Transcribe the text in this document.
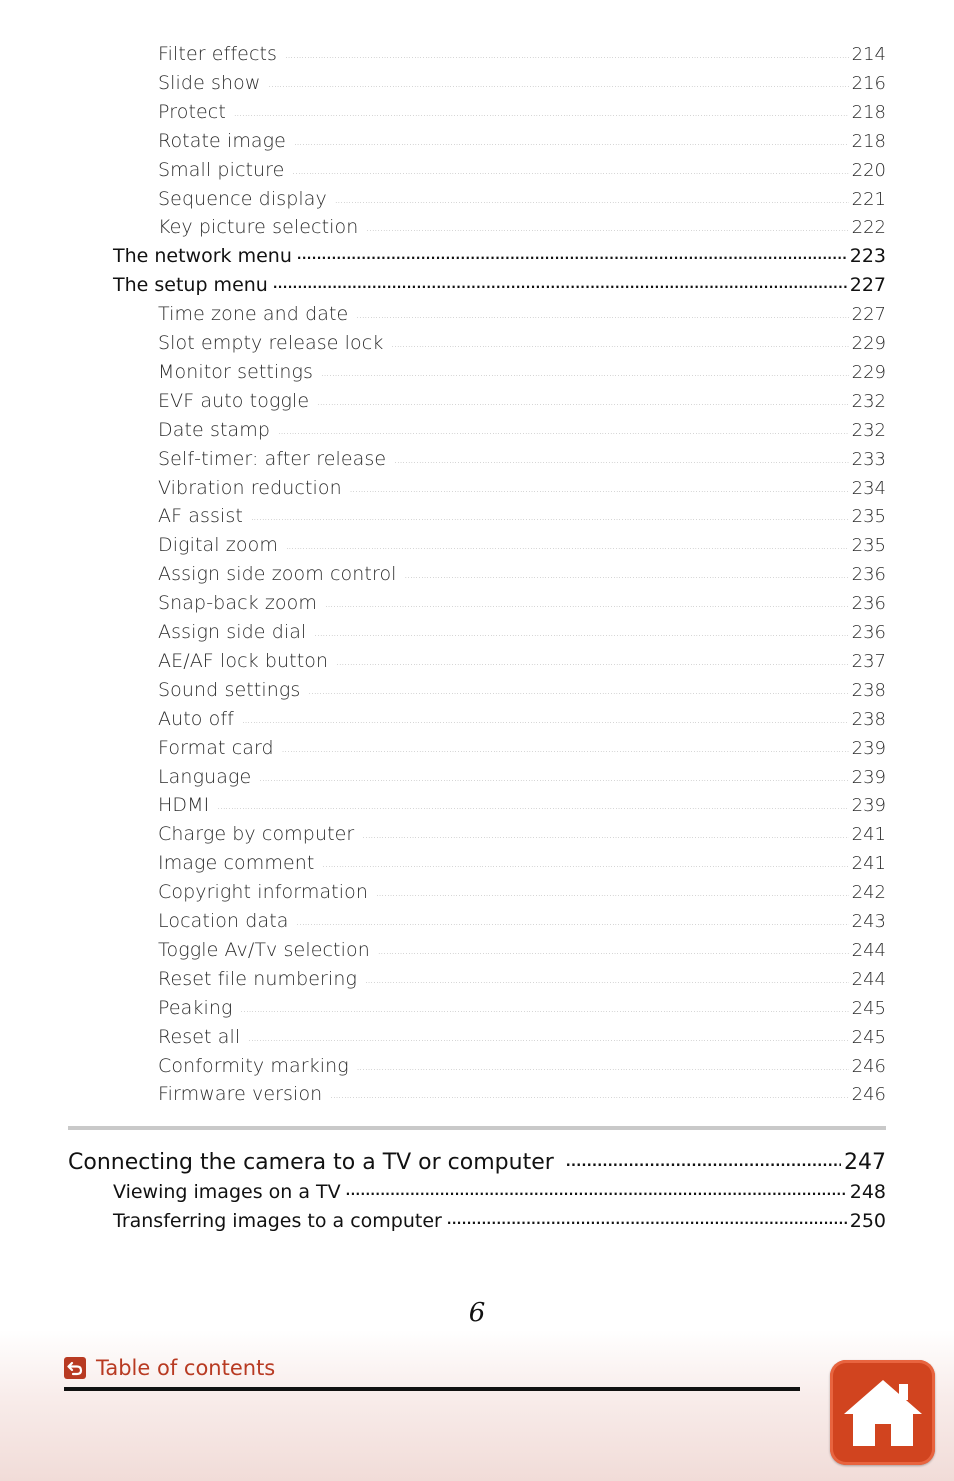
Filter effects .....	214
Slide show .....	216
Protect .....	218
Rotate image .....	218
Small picture .....	220
Sequence display .....	221
Key picture selection .....	222
The network menu .....	223
The setup menu .....	227
Time zone and date .....	227
Slot empty release lock .....	229
Monitor settings .....	229
EVF auto toggle .....	232
Date stamp .....	232
Self-timer: after release .....	233
Vibration reduction .....	234
AF assist .....	235
Digital zoom .....	235
Assign side zoom control .....	236
Snap-back zoom .....	236
Assign side dial .....	236
AE/AF lock button .....	237
Sound settings .....	238
Auto off .....	238
Format card .....	239
Language .....	239
HDMI .....	239
Charge by computer .....	241
Image comment .....	241
Copyright information .....	242
Location data .....	243
Toggle Av/Tv selection .....	244
Reset file numbering .....	244
Peaking .....	245
Reset all .....	245
Conformity marking .....	246
Firmware version .....	246
Connecting the camera to a TV or computer .....	247
Viewing images on a TV .....	248
Transferring images to a computer .....	250
6
Table of contents
